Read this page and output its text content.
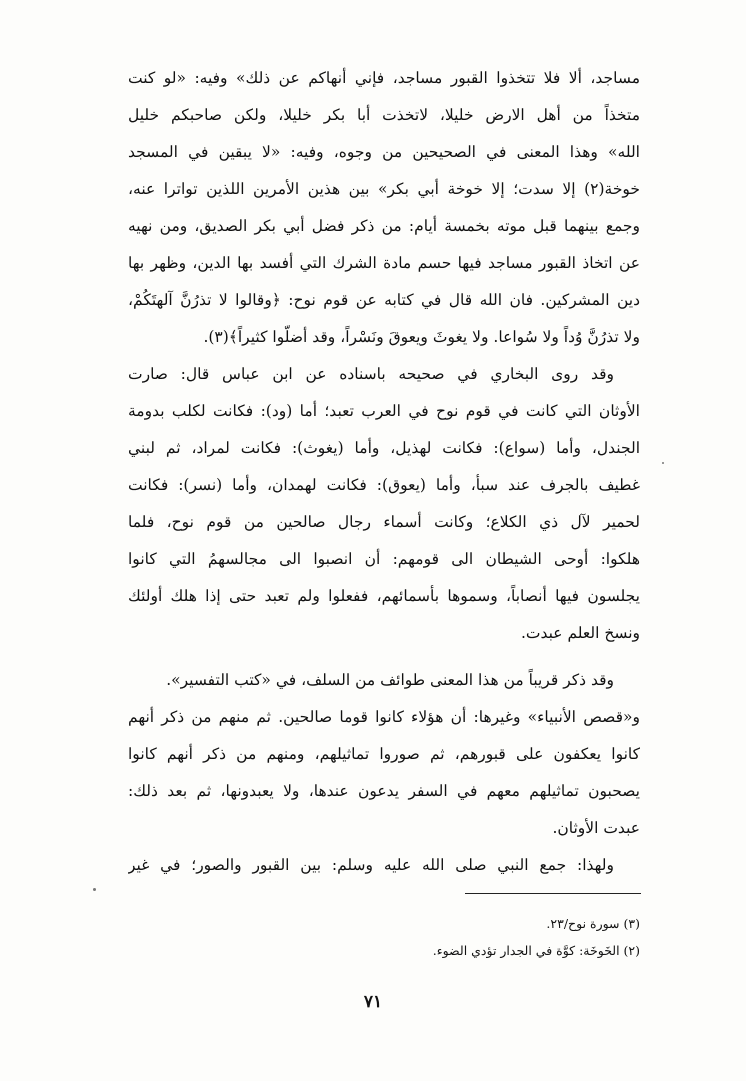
مساجد، ألا فلا تتخذوا القبور مساجد، فإني أنهاكم عن ذلك» وفيه: «لو كنت
متخذاً من أهل الارض خليلا، لاتخذت أبا بكر خليلا، ولكن صاحبكم خليل
الله» وهذا المعنى في الصحيحين من وجوه، وفيه: «لا يبقين في المسجد
خوخة(٢) إلا سدت؛ إلا خوخة أبي بكر» بين هذين الأمرين اللذين تواترا عنه،
وجمع بينهما قبل موته بخمسة أيام: من ذكر فضل أبي بكر الصديق، ومن نهيه
عن اتخاذ القبور مساجد فيها حسم مادة الشرك التي أفسد بها الدين، وظهر بها
دين المشركين. فان الله قال في كتابه عن قوم نوح: ﴿وقالوا لا تذرُنَّ آلهتَكُمْ،
ولا تذرُنَّ وُداً ولا سُواعا. ولا يغوثَ ويعوقَ ونَسْراً، وقد أضلّوا كثيراً﴾(٣).
وقد روى البخاري في صحيحه باسناده عن ابن عباس قال: صارت
الأوثان التي كانت في قوم نوح في العرب تعبد؛ أما (ود): فكانت لكلب بدومة
الجندل، وأما (سواع): فكانت لهذيل، وأما (يغوث): فكانت لمراد، ثم لبني
غطيف بالجرف عند سبأ، وأما (يعوق): فكانت لهمدان، وأما (نسر): فكانت
لحمير لآل ذي الكلاع؛ وكانت أسماء رجال صالحين من قوم نوح، فلما
هلكوا: أوحى الشيطان الى قومهم: أن انصبوا الى مجالسهمُ التي كانوا
يجلسون فيها أنصاباً، وسموها بأسمائهم، ففعلوا ولم تعبد حتى إذا هلك أولئك
ونسخ العلم عبدت.
وقد ذكر قريباً من هذا المعنى طوائف من السلف، في «كتب التفسير».
و«قصص الأنبياء» وغيرها: أن هؤلاء كانوا قوما صالحين. ثم منهم من ذكر أنهم
كانوا يعكفون على قبورهم، ثم صوروا تماثيلهم، ومنهم من ذكر أنهم كانوا
يصحبون تماثيلهم معهم في السفر يدعون عندها، ولا يعبدونها، ثم بعد ذلك:
عبدت الأوثان.
ولهذا: جمع النبي صلى الله عليه وسلم: بين القبور والصور؛ في غير
(٣) سورة نوح/٢٣.
(٢) الخَوخَة: كوَّة في الجدار تؤدي الضوء.
٧١
